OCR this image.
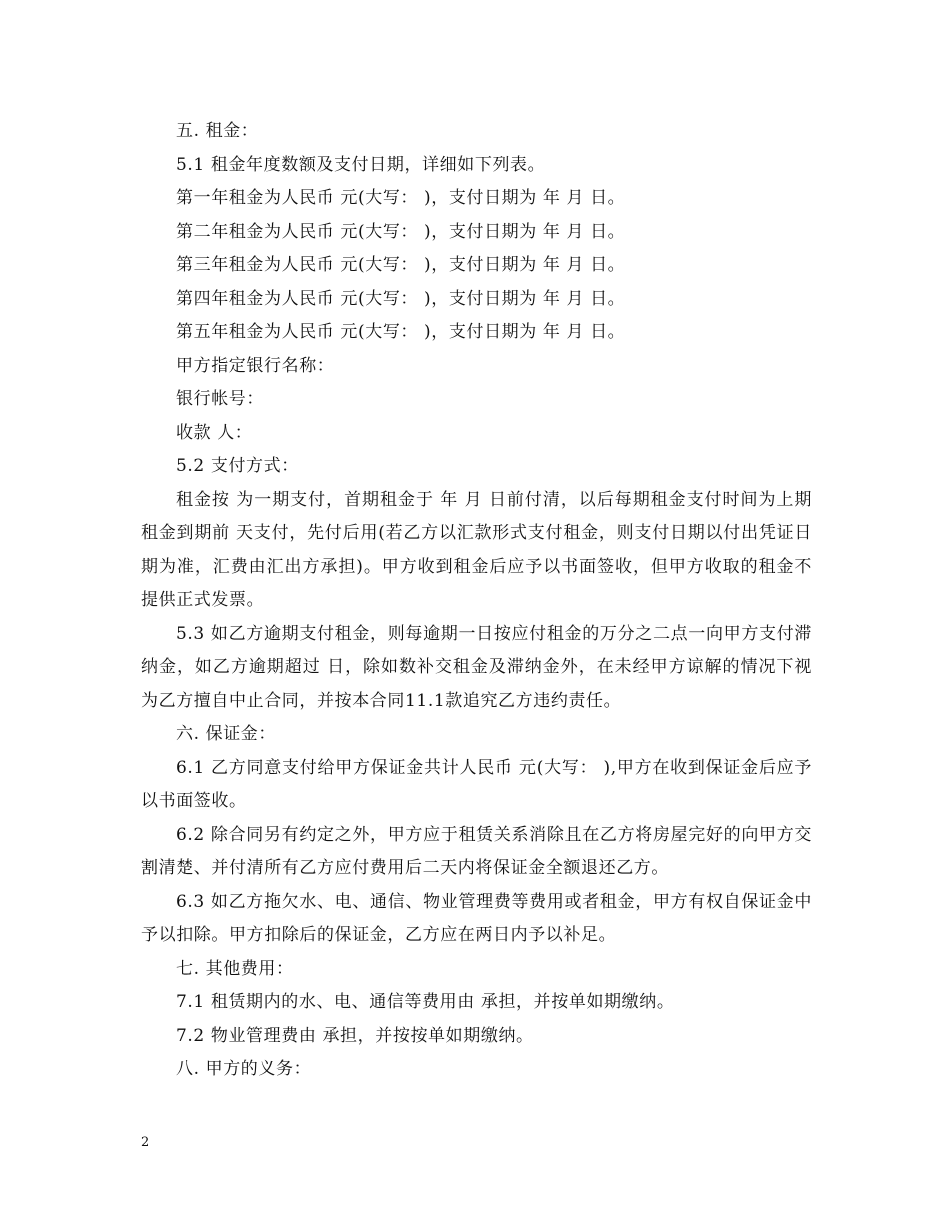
五. 租金：

5.1 租金年度数额及支付日期，详细如下列表。

第一年租金为人民币 元(大写： )，支付日期为 年 月 日。

第二年租金为人民币 元(大写： )，支付日期为 年 月 日。

第三年租金为人民币 元(大写： )，支付日期为 年 月 日。

第四年租金为人民币 元(大写： )，支付日期为 年 月 日。

第五年租金为人民币 元(大写： )，支付日期为 年 月 日。

甲方指定银行名称：

银行帐号：

收款 人：

5.2 支付方式：

租金按 为一期支付，首期租金于 年 月 日前付清，以后每期租金支付时间为上期租金到期前 天支付，先付后用(若乙方以汇款形式支付租金，则支付日期以付出凭证日期为准，汇费由汇出方承担)。甲方收到租金后应予以书面签收，但甲方收取的租金不提供正式发票。

5.3 如乙方逾期支付租金，则每逾期一日按应付租金的万分之二点一向甲方支付滞纳金，如乙方逾期超过 日，除如数补交租金及滞纳金外，在未经甲方谅解的情况下视为乙方擅自中止合同，并按本合同11.1款追究乙方违约责任。

六. 保证金：

6.1 乙方同意支付给甲方保证金共计人民币 元(大写： ),甲方在收到保证金后应予以书面签收。

6.2 除合同另有约定之外，甲方应于租赁关系消除且在乙方将房屋完好的向甲方交割清楚、并付清所有乙方应付费用后二天内将保证金全额退还乙方。

6.3 如乙方拖欠水、电、通信、物业管理费等费用或者租金，甲方有权自保证金中予以扣除。甲方扣除后的保证金，乙方应在两日内予以补足。

七. 其他费用：

7.1 租赁期内的水、电、通信等费用由 承担，并按单如期缴纳。

7.2 物业管理费由 承担，并按按单如期缴纳。

八. 甲方的义务：

2
